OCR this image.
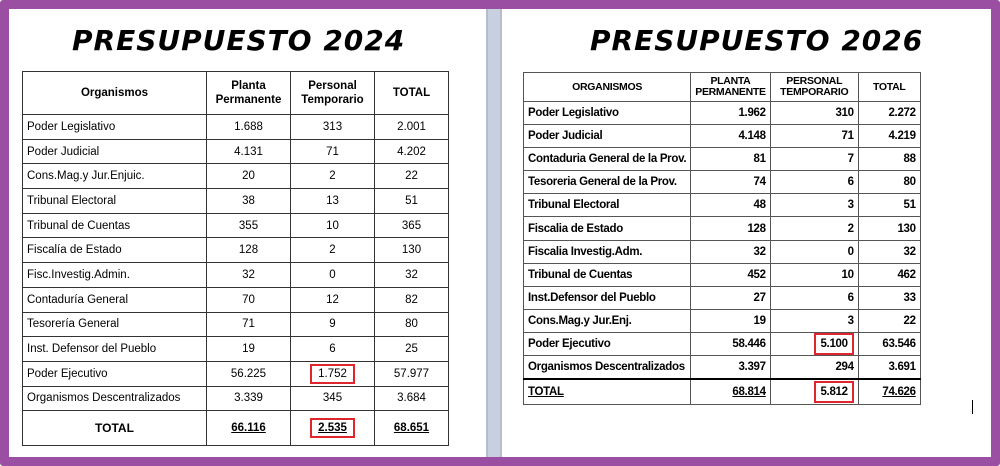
PRESUPUESTO 2024	PRESUPUESTO 2026
Organismos	Planta Permanente	Personal Temporario	TOTAL
Poder Legislativo	1.688	313	2.001
Poder Judicial	4.131	71	4.202
Cons.Mag.y Jur.Enjuic.	20	2	22
Tribunal Electoral	38	13	51
Tribunal de Cuentas	355	10	365
Fiscalía de Estado	128	2	130
Fisc.Investig.Admin.	32	0	32
Contaduría General	70	12	82
Tesorería General	71	9	80
Inst. Defensor del Pueblo	19	6	25
Poder Ejecutivo	56.225	1.752	57.977
Organismos Descentralizados	3.339	345	3.684
TOTAL	66.116	2.535	68.651
ORGANISMOS	PLANTA PERMANENTE	PERSONAL TEMPORARIO	TOTAL
Poder Legislativo	1.962	310	2.272
Poder Judicial	4.148	71	4.219
Contaduria General de la Prov.	81	7	88
Tesoreria General de la Prov.	74	6	80
Tribunal Electoral	48	3	51
Fiscalia de Estado	128	2	130
Fiscalia Investig.Adm.	32	0	32
Tribunal de Cuentas	452	10	462
Inst.Defensor del Pueblo	27	6	33
Cons.Mag.y Jur.Enj.	19	3	22
Poder Ejecutivo	58.446	5.100	63.546
Organismos Descentralizados	3.397	294	3.691
TOTAL	68.814	5.812	74.626
